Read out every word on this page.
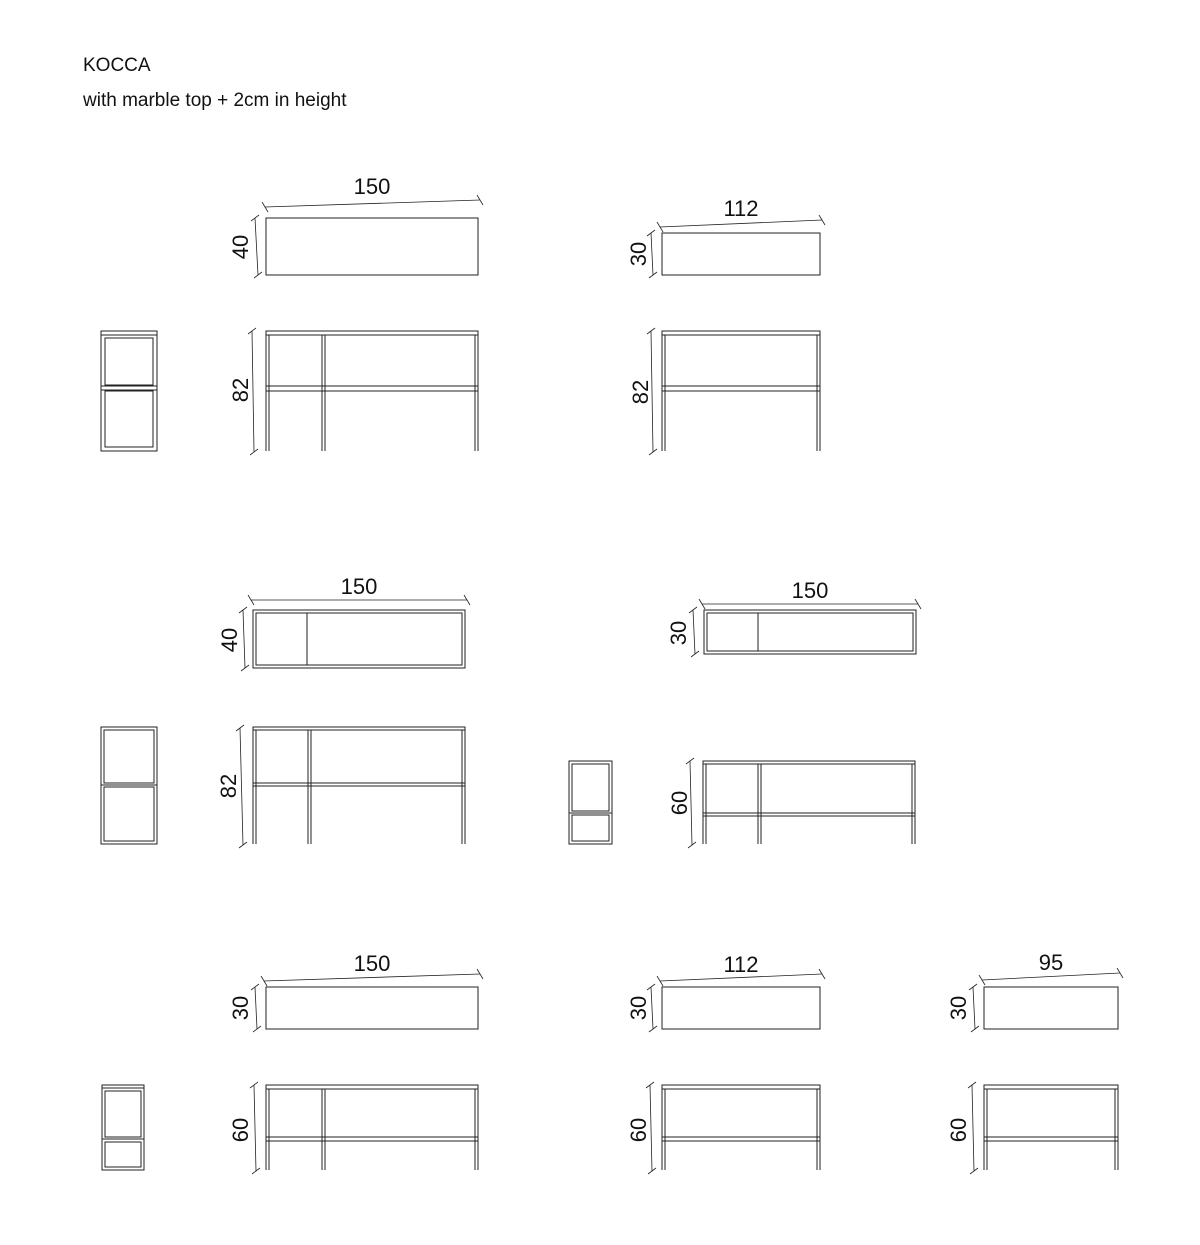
KOCCA
with marble top + 2cm in height
150
40
82
112
30
82
150
40
82
150
30
60
150
30
60
112
30
60
95
30
60
